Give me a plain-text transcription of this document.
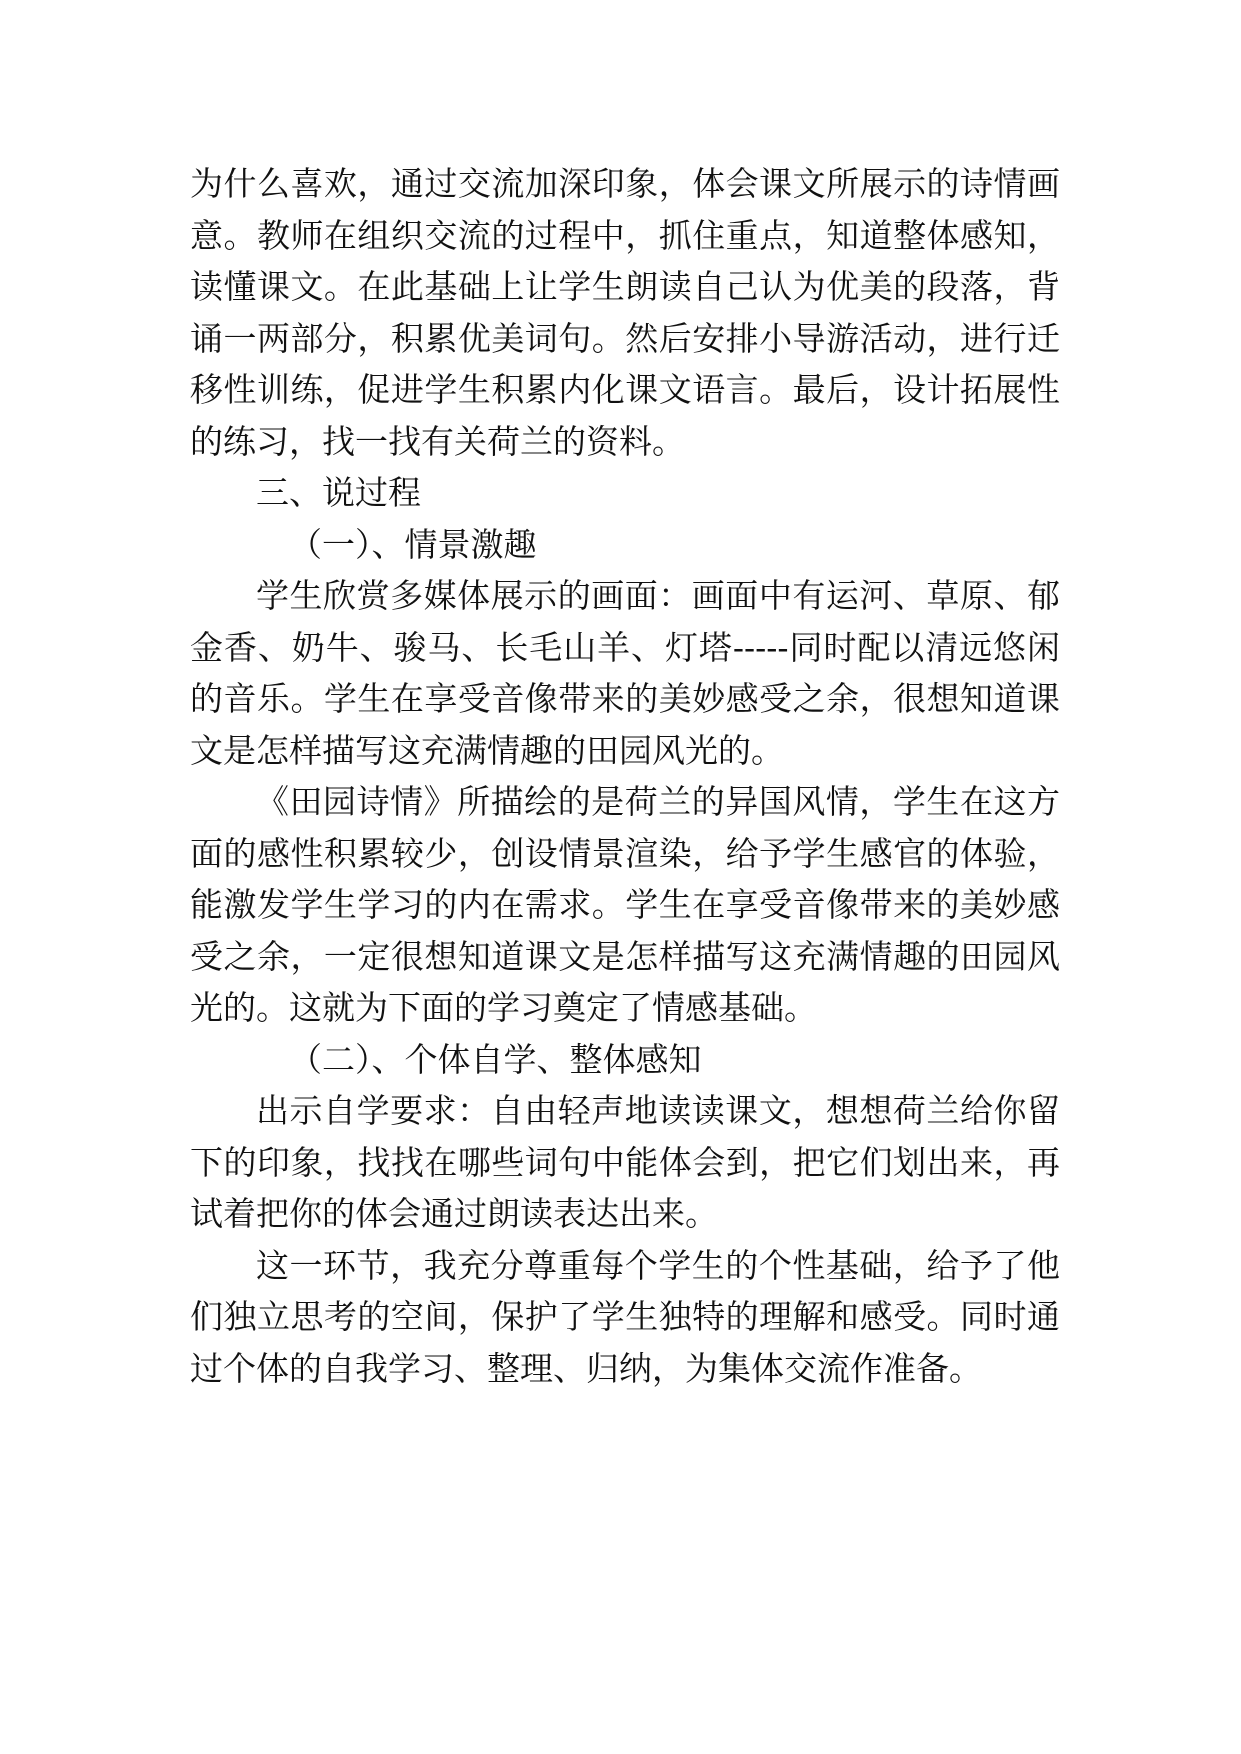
为什么喜欢，通过交流加深印象，体会课文所展示的诗情画意。教师在组织交流的过程中，抓住重点，知道整体感知，读懂课文。在此基础上让学生朗读自己认为优美的段落，背诵一两部分，积累优美词句。然后安排小导游活动，进行迁移性训练，促进学生积累内化课文语言。最后，设计拓展性的练习，找一找有关荷兰的资料。

三、说过程

（一）、情景激趣

学生欣赏多媒体展示的画面：画面中有运河、草原、郁金香、奶牛、骏马、长毛山羊、灯塔-----同时配以清远悠闲的音乐。学生在享受音像带来的美妙感受之余，很想知道课文是怎样描写这充满情趣的田园风光的。

《田园诗情》所描绘的是荷兰的异国风情，学生在这方面的感性积累较少，创设情景渲染，给予学生感官的体验，能激发学生学习的内在需求。学生在享受音像带来的美妙感受之余，一定很想知道课文是怎样描写这充满情趣的田园风光的。这就为下面的学习奠定了情感基础。

（二）、个体自学、整体感知

出示自学要求：自由轻声地读读课文，想想荷兰给你留下的印象，找找在哪些词句中能体会到，把它们划出来，再试着把你的体会通过朗读表达出来。

这一环节，我充分尊重每个学生的个性基础，给予了他们独立思考的空间，保护了学生独特的理解和感受。同时通过个体的自我学习、整理、归纳，为集体交流作准备。
